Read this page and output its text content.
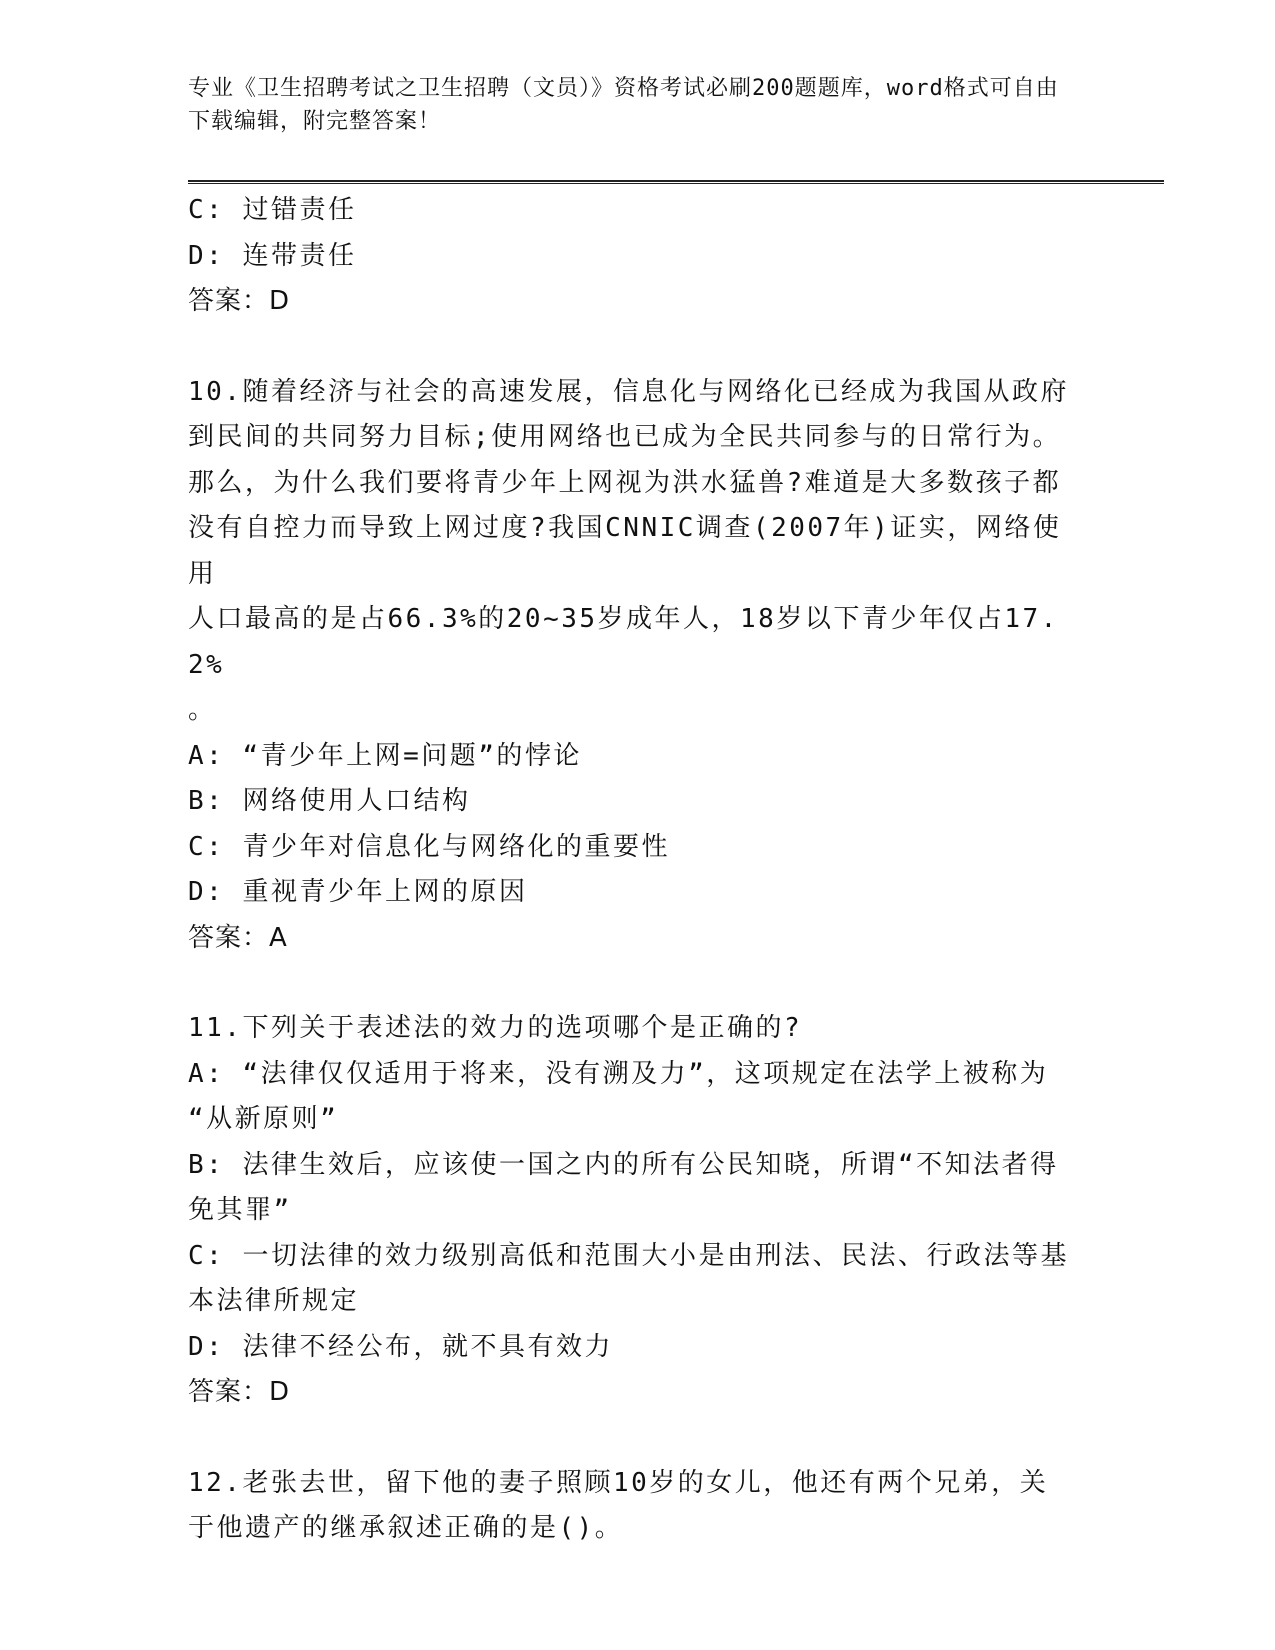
专业《卫生招聘考试之卫生招聘（文员）》资格考试必刷200题题库，word格式可自由下载编辑，附完整答案！

C: 过错责任

D: 连带责任

答案：D

10.随着经济与社会的高速发展，信息化与网络化已经成为我国从政府

到民间的共同努力目标;使用网络也已成为全民共同参与的日常行为。

那么，为什么我们要将青少年上网视为洪水猛兽?难道是大多数孩子都

没有自控力而导致上网过度?我国CNNIC调查(2007年)证实，网络使用

人口最高的是占66.3%的20~35岁成年人，18岁以下青少年仅占17.2%

。

A: “青少年上网=问题”的悖论

B: 网络使用人口结构

C: 青少年对信息化与网络化的重要性

D: 重视青少年上网的原因

答案：A

11.下列关于表述法的效力的选项哪个是正确的?

A: “法律仅仅适用于将来，没有溯及力”，这项规定在法学上被称为

“从新原则”

B: 法律生效后，应该使一国之内的所有公民知晓，所谓“不知法者得

免其罪”

C: 一切法律的效力级别高低和范围大小是由刑法、民法、行政法等基

本法律所规定

D: 法律不经公布，就不具有效力

答案：D

12.老张去世，留下他的妻子照顾10岁的女儿，他还有两个兄弟，关

于他遗产的继承叙述正确的是()。
